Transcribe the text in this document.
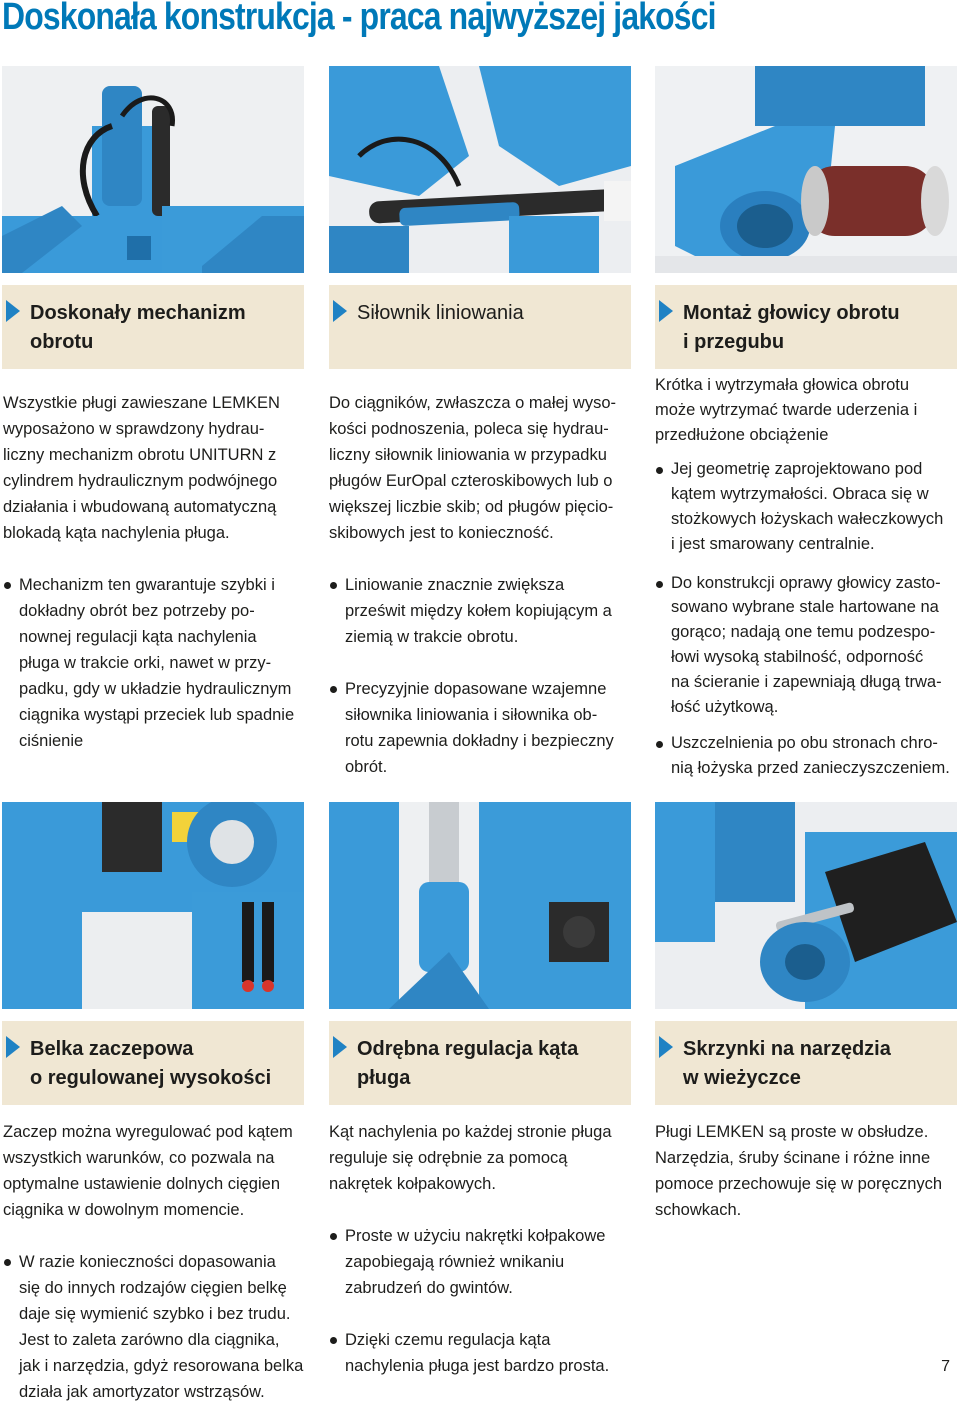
Doskonała konstrukcja - praca najwyższej jakości
Doskonały mechanizm
obrotu
Siłownik liniowania	Montaż głowicy obrotu
i przegubu

Wszystkie pługi zawieszane LEMKEN
wyposażono w sprawdzony hydrau-
liczny mechanizm obrotu UNITURN z
cylindrem hydraulicznym podwójnego
działania i wbudowaną automatyczną
blokadą kąta nachylenia pługa.

Mechanizm ten gwarantuje szybki i
dokładny obrót bez potrzeby po-
nownej regulacji kąta nachylenia
pługa w trakcie orki, nawet w przy-
padku, gdy w układzie hydraulicznym
ciągnika wystąpi przeciek lub spadnie
ciśnienie

Do ciągników, zwłaszcza o małej wyso-
kości podnoszenia, poleca się hydrau-
liczny siłownik liniowania w przypadku
pługów EurOpal czteroskibowych lub o
większej liczbie skib; od pługów pięcio-
skibowych jest to konieczność.

Liniowanie znacznie zwiększa
prześwit między kołem kopiującym a
ziemią w trakcie obrotu.
Precyzyjnie dopasowane wzajemne
siłownika liniowania i siłownika ob-
rotu zapewnia dokładny i bezpieczny
obrót.

Krótka i wytrzymała głowica obrotu
może wytrzymać twarde uderzenia i
przedłużone obciążenie

Jej geometrię zaprojektowano pod
kątem wytrzymałości. Obraca się w
stożkowych łożyskach wałeczkowych
i jest smarowany centralnie.
Do konstrukcji oprawy głowicy zasto-
sowano wybrane stale hartowane na
gorąco; nadają one temu podzespo-
łowi wysoką stabilność, odporność
na ścieranie i zapewniają długą trwa-
łość użytkową.
Uszczelnienia po obu stronach chro-
nią łożyska przed zanieczyszczeniem.
Belka zaczepowa
o regulowanej wysokości
Odrębna regulacja kąta
pługa
Skrzynki na narzędzia
w wieżyczce

Zaczep można wyregulować pod kątem
wszystkich warunków, co pozwala na
optymalne ustawienie dolnych cięgien
ciągnika w dowolnym momencie.

W razie konieczności dopasowania
się do innych rodzajów cięgien belkę
daje się wymienić szybko i bez trudu.
Jest to zaleta zarówno dla ciągnika,
jak i narzędzia, gdyż resorowana belka
działa jak amortyzator wstrząsów.

Kąt nachylenia po każdej stronie pługa
reguluje się odrębnie za pomocą
nakrętek kołpakowych.

Proste w użyciu nakrętki kołpakowe
zapobiegają również wnikaniu
zabrudzeń do gwintów.
Dzięki czemu regulacja kąta
nachylenia pługa jest bardzo prosta.

Pługi LEMKEN są proste w obsłudze.
Narzędzia, śruby ścinane i różne inne
pomoce przechowuje się w poręcznych
schowkach.

7
